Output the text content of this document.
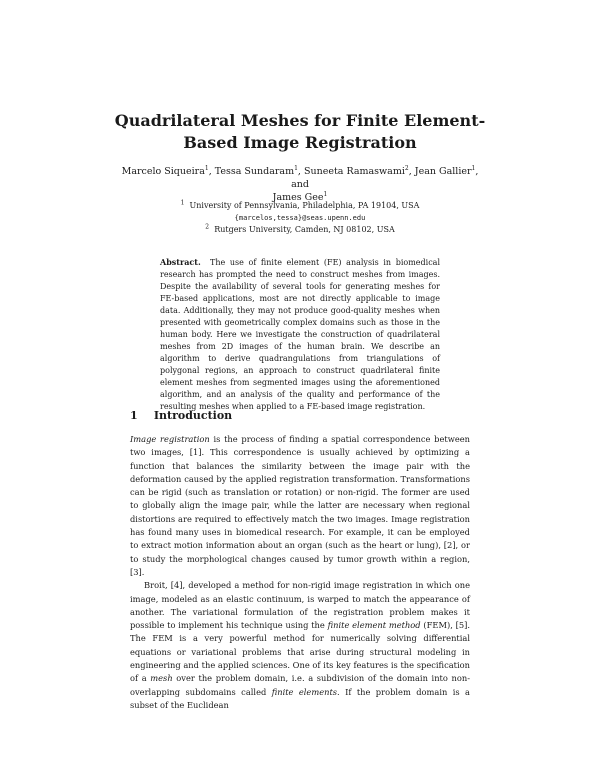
Quadrilateral Meshes for Finite Element-Based Image Registration
Marcelo Siqueira$^1$, Tessa Sundaram$^1$, Suneeta Ramaswami$^2$, Jean Gallier$^1$, and
James Gee$^1$
$^1$ University of Pennsylvania, Philadelphia, PA 19104, USA
{marcelos,tessa}@seas.upenn.edu
$^2$ Rutgers University, Camden, NJ 08102, USA
Abstract. The use of finite element (FE) analysis in biomedical research has prompted the need to construct meshes from images. Despite the availability of several tools for generating meshes for FE-based applications, most are not directly applicable to image data. Additionally, they may not produce good-quality meshes when presented with geometrically complex domains such as those in the human body. Here we investigate the construction of quadrilateral meshes from 2D images of the human brain. We describe an algorithm to derive quadrangulations from triangulations of polygonal regions, an approach to construct quadrilateral finite element meshes from segmented images using the aforementioned algorithm, and an analysis of the quality and performance of the resulting meshes when applied to a FE-based image registration.
1 Introduction

Image registration is the process of finding a spatial correspondence between two images, [1]. This correspondence is usually achieved by optimizing a function that balances the similarity between the image pair with the deformation caused by the applied registration transformation. Transformations can be rigid (such as translation or rotation) or non-rigid. The former are used to globally align the image pair, while the latter are necessary when regional distortions are required to effectively match the two images. Image registration has found many uses in biomedical research. For example, it can be employed to extract motion information about an organ (such as the heart or lung), [2], or to study the morphological changes caused by tumor growth within a region, [3].

Broit, [4], developed a method for non-rigid image registration in which one image, modeled as an elastic continuum, is warped to match the appearance of another. The variational formulation of the registration problem makes it possible to implement his technique using the finite element method (FEM), [5]. The FEM is a very powerful method for numerically solving differential equations or variational problems that arise during structural modeling in engineering and the applied sciences. One of its key features is the specification of a mesh over the problem domain, i.e. a subdivision of the domain into non-overlapping subdomains called finite elements. If the problem domain is a subset of the Euclidean
